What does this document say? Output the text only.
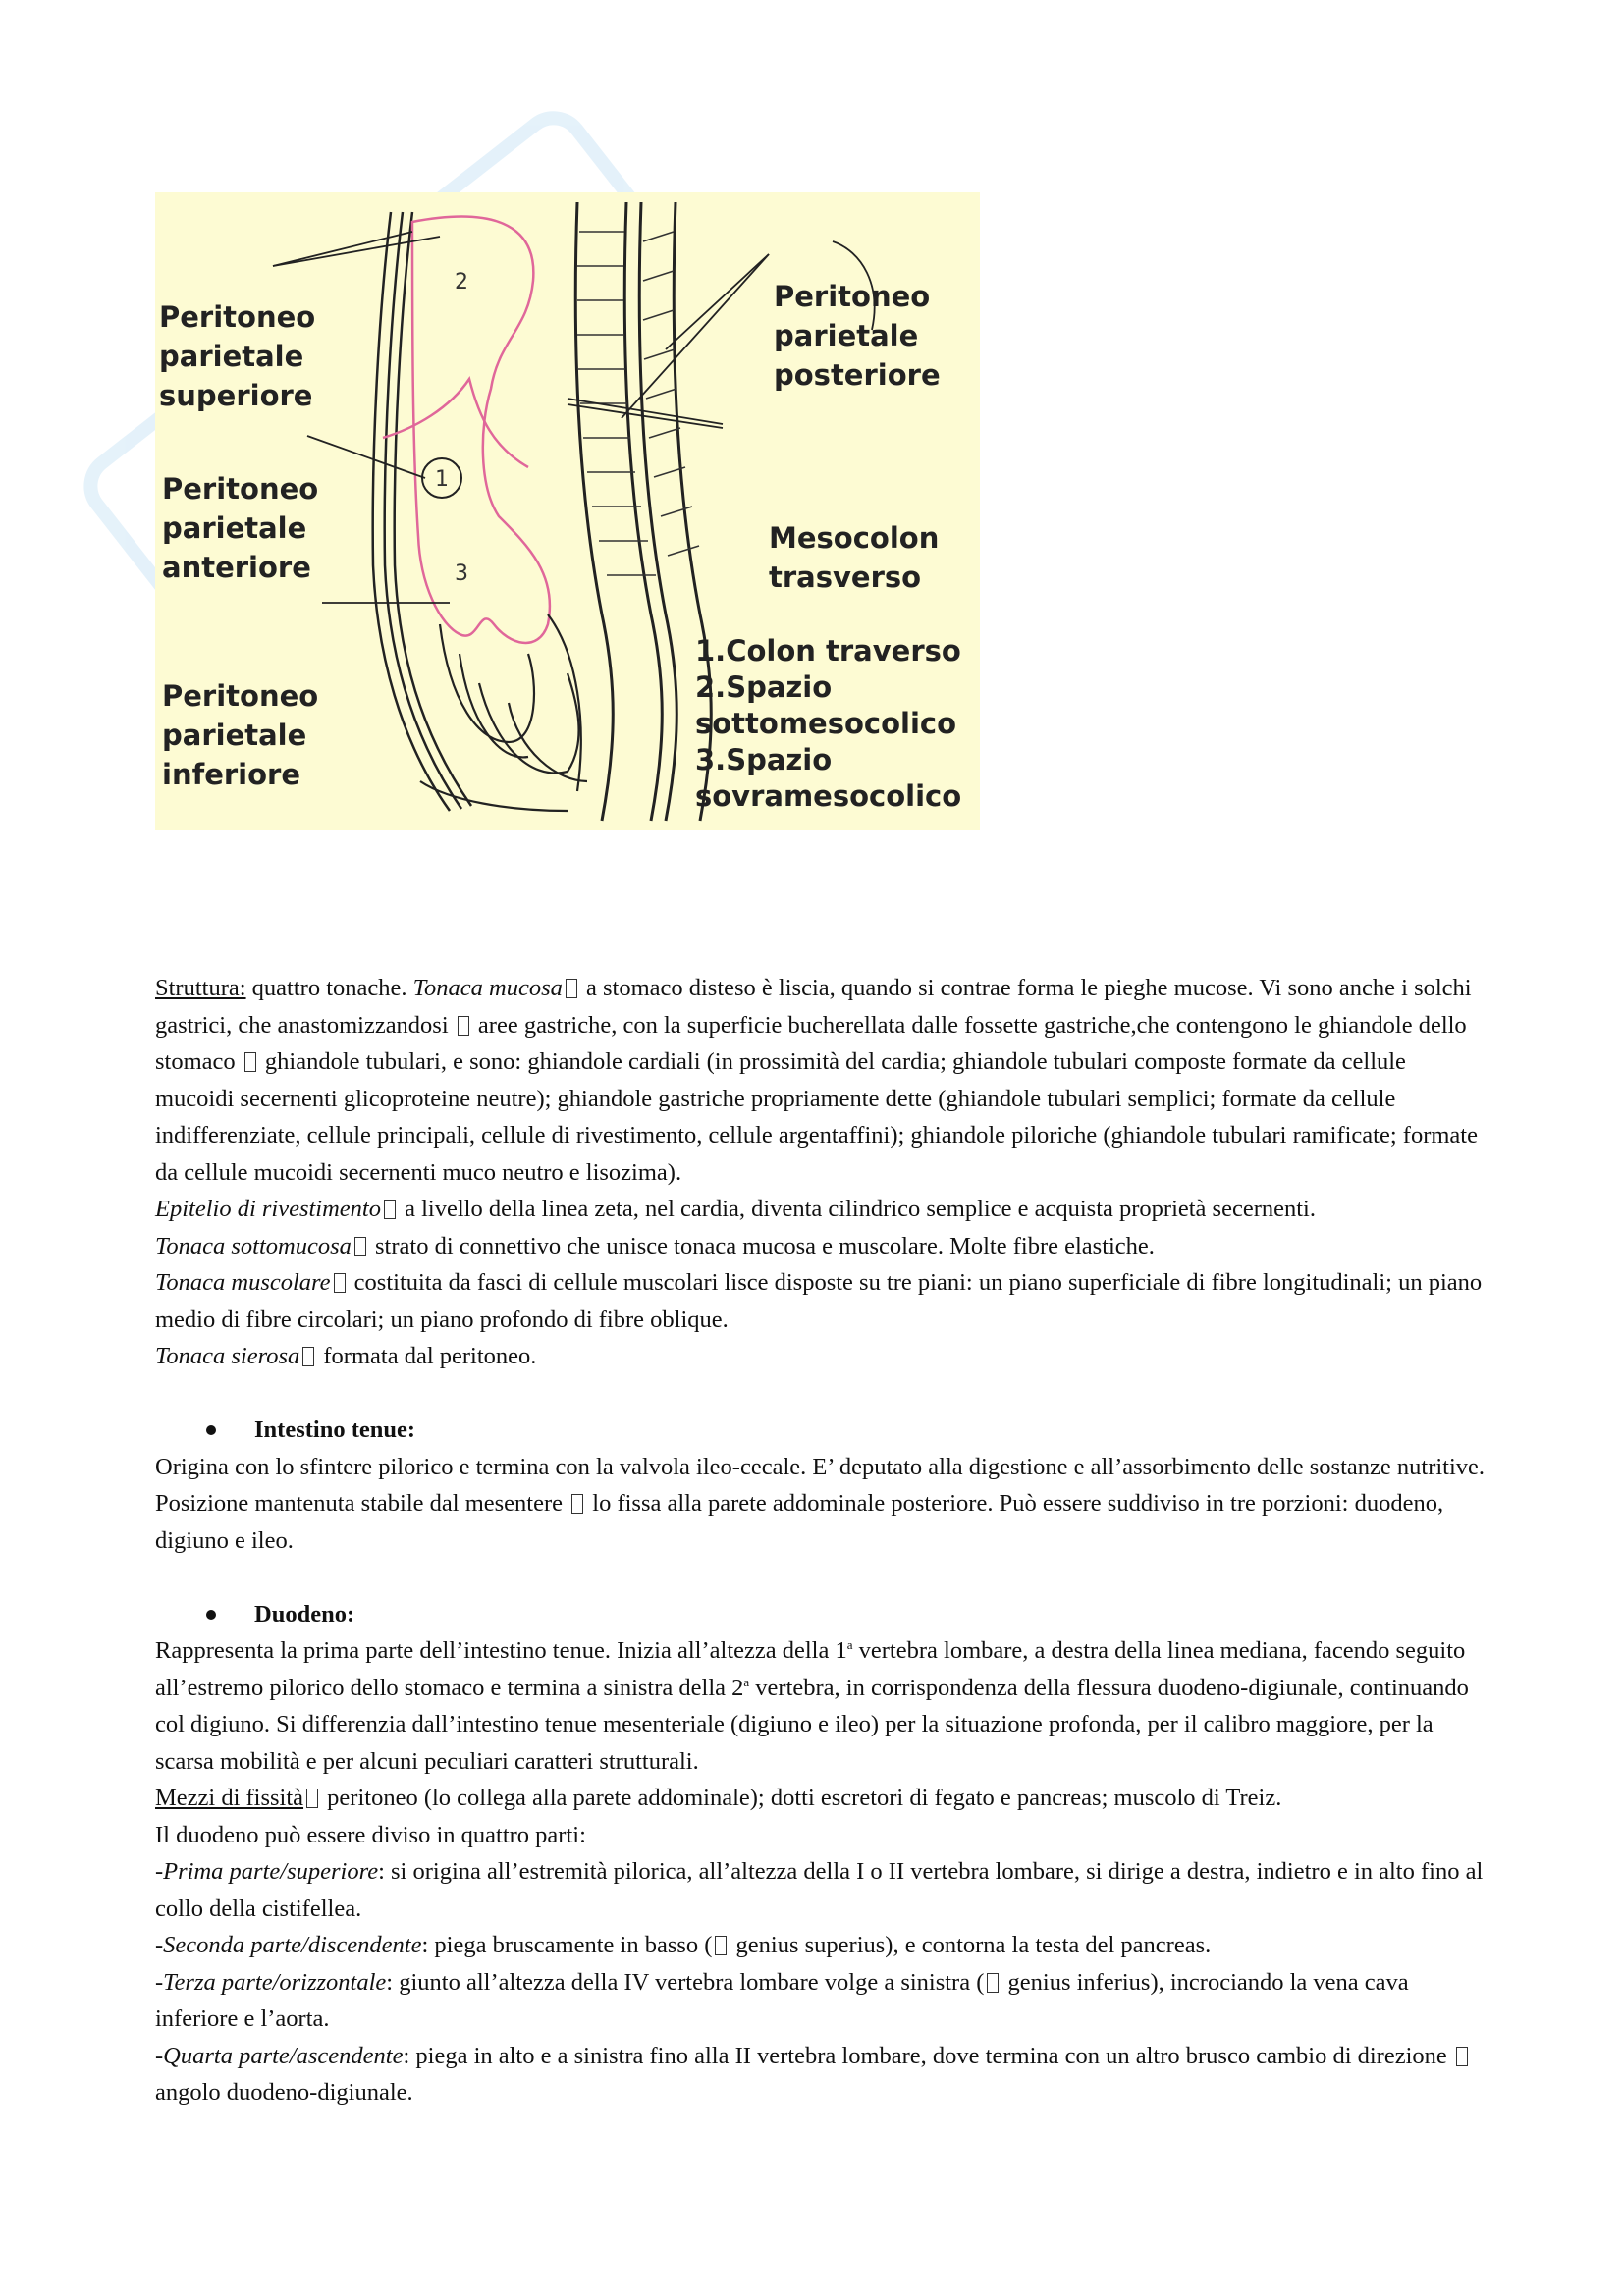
1
2
3
Peritoneo
parietale
superiore
Peritoneo
parietale
anteriore
Peritoneo
parietale
inferiore
Peritoneo
parietale
posteriore
Mesocolon
trasverso
1.Colon traverso
2.Spazio
sottomesocolico
3.Spazio
sovramesocolico

Struttura: quattro tonache. Tonaca mucosa a stomaco disteso è liscia, quando si contrae forma le pieghe mucose. Vi sono anche i solchi gastrici, che anastomizzandosi  aree gastriche, con la superficie bucherellata dalle fossette gastriche,che contengono le ghiandole dello stomaco  ghiandole tubulari, e sono: ghiandole cardiali (in prossimità del cardia; ghiandole tubulari composte formate da cellule mucoidi secernenti glicoproteine neutre); ghiandole gastriche propriamente dette (ghiandole tubulari semplici; formate da cellule indifferenziate, cellule principali, cellule di rivestimento, cellule argentaffini); ghiandole piloriche (ghiandole tubulari ramificate; formate da cellule mucoidi secernenti muco neutro e lisozima).

Epitelio di rivestimento a livello della linea zeta, nel cardia, diventa cilindrico semplice e acquista proprietà secernenti.

Tonaca sottomucosa strato di connettivo che unisce tonaca mucosa e muscolare. Molte fibre elastiche.

Tonaca muscolare costituita da fasci di cellule muscolari lisce disposte su tre piani: un piano superficiale di fibre longitudinali; un piano medio di fibre circolari; un piano profondo di fibre oblique.

Tonaca sierosa formata dal peritoneo.

Intestino tenue:

Origina con lo sfintere pilorico e termina con la valvola ileo-cecale. E’ deputato alla digestione e all’assorbimento delle sostanze nutritive. Posizione mantenuta stabile dal mesentere  lo fissa alla parete addominale posteriore. Può essere suddiviso in tre porzioni: duodeno, digiuno e ileo.

Duodeno:

Rappresenta la prima parte dell’intestino tenue. Inizia all’altezza della 1$^a$ vertebra lombare, a destra della linea mediana, facendo seguito all’estremo pilorico dello stomaco e termina a sinistra della 2$^a$ vertebra, in corrispondenza della flessura duodeno-digiunale, continuando col digiuno. Si differenzia dall’intestino tenue mesenteriale (digiuno e ileo) per la situazione profonda, per il calibro maggiore, per la scarsa mobilità e per alcuni peculiari caratteri strutturali.

Mezzi di fissità peritoneo (lo collega alla parete addominale); dotti escretori di fegato e pancreas; muscolo di Treiz.

Il duodeno può essere diviso in quattro parti:

-Prima parte/superiore: si origina all’estremità pilorica, all’altezza della I o II vertebra lombare, si dirige a destra, indietro e in alto fino al collo della cistifellea.

-Seconda parte/discendente: piega bruscamente in basso ( genius superius), e contorna la testa del pancreas.

-Terza parte/orizzontale: giunto all’altezza della IV vertebra lombare volge a sinistra ( genius inferius), incrociando la vena cava inferiore e l’aorta.

-Quarta parte/ascendente: piega in alto e a sinistra fino alla II vertebra lombare, dove termina con un altro brusco cambio di direzione  angolo duodeno-digiunale.
